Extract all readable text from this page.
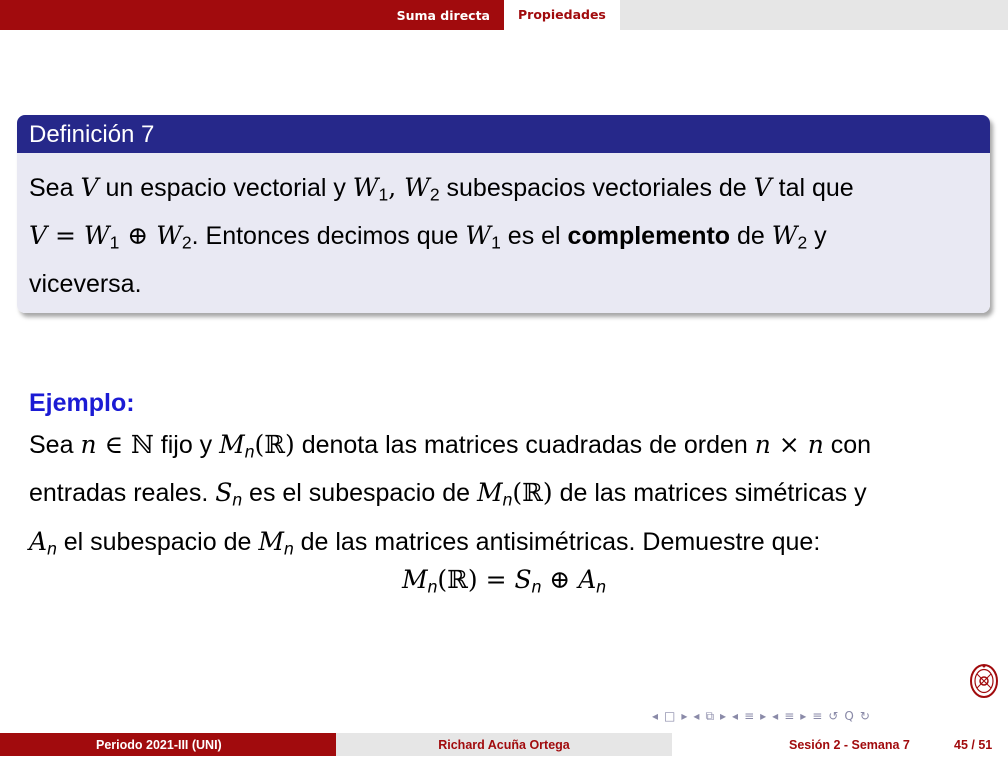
Suma directa	Propiedades
Definición 7
Sea V un espacio vectorial y $W_1$, $W_2$ subespacios vectoriales de V tal que
$V = W_1$ ⊕ $W_2$. Entonces decimos que $W_1$ es el complemento de $W_2$ y
viceversa.
Ejemplo:
Sea n ∈ ℕ fijo y Mn(ℝ) denota las matrices cuadradas de orden n × n con
entradas reales. Sn es el subespacio de Mn(ℝ) de las matrices simétricas y
An el subespacio de Mn de las matrices antisimétricas. Demuestre que:
Mn(ℝ) = Sn ⊕ An
◂ □ ▸ ◂ ⧉ ▸ ◂ ≡ ▸ ◂ ≡ ▸ ≡ ↺ Q ↻
Periodo 2021-III (UNI)	Richard Acuña Ortega	Sesión 2 - Semana 7	45 / 51
